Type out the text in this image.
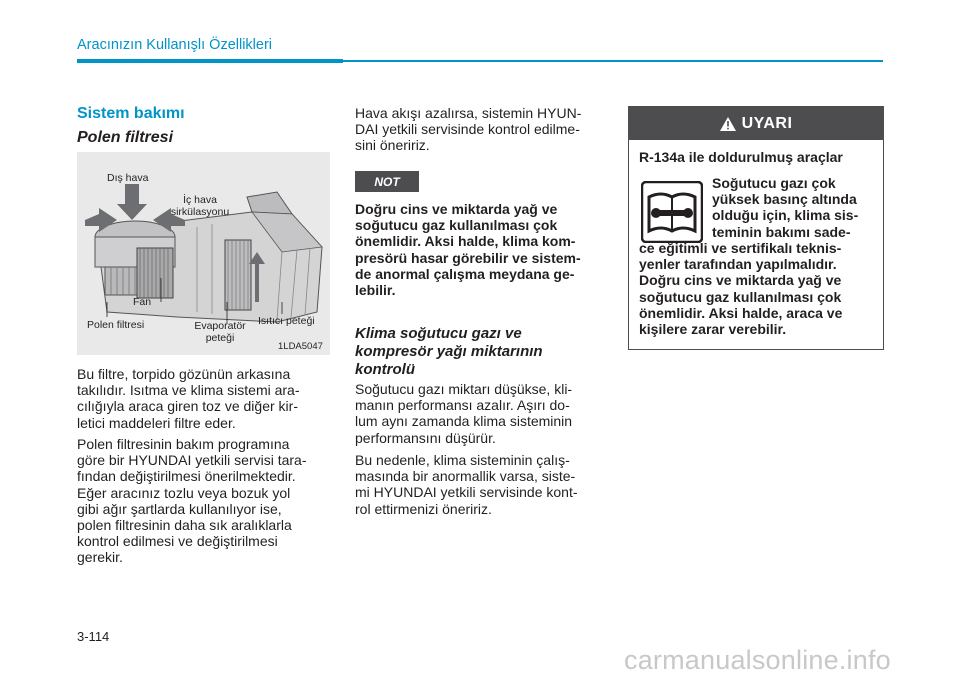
Aracınızın Kullanışlı Özellikleri
Sistem bakımı
Polen filtresi
Dış hava
İç hava
sirkülasyonu
Fan
Polen filtresi	Evaporatör
peteği
Isıtıcı peteği
1LDA5047
Bu filtre, torpido gözünün arkasına
takılıdır. Isıtma ve klima sistemi ara-
cılığıyla araca giren toz ve diğer kir-
letici maddeleri filtre eder.
Polen filtresinin bakım programına
göre bir HYUNDAI yetkili servisi tara-
fından değiştirilmesi önerilmektedir.
Eğer aracınız tozlu veya bozuk yol
gibi ağır şartlarda kullanılıyor ise,
polen filtresinin daha sık aralıklarla
kontrol edilmesi ve değiştirilmesi
gerekir.
Hava akışı azalırsa, sistemin HYUN-
DAI yetkili servisinde kontrol edilme-
sini öneririz.
NOT
Doğru cins ve miktarda yağ ve
soğutucu gaz kullanılması çok
önemlidir. Aksi halde, klima kom-
presörü hasar görebilir ve sistem-
de anormal çalışma meydana ge-
lebilir.
Klima soğutucu gazı ve
kompresör yağı miktarının
kontrolü
Soğutucu gazı miktarı düşükse, kli-
manın performansı azalır. Aşırı do-
lum aynı zamanda klima sisteminin
performansını düşürür.
Bu nedenle, klima sisteminin çalış-
masında bir anormallik varsa, siste-
mi HYUNDAI yetkili servisinde kont-
rol ettirmenizi öneririz.
UYARI
R-134a ile doldurulmuş araçlar
Soğutucu gazı çok
yüksek basınç altında
olduğu için, klima sis-
teminin bakımı sade-
ce eğitimli ve sertifikalı teknis-
yenler tarafından yapılmalıdır.
Doğru cins ve miktarda yağ ve
soğutucu gaz kullanılması çok
önemlidir. Aksi halde, araca ve
kişilere zarar verebilir.
3-114
carmanualsonline.info
